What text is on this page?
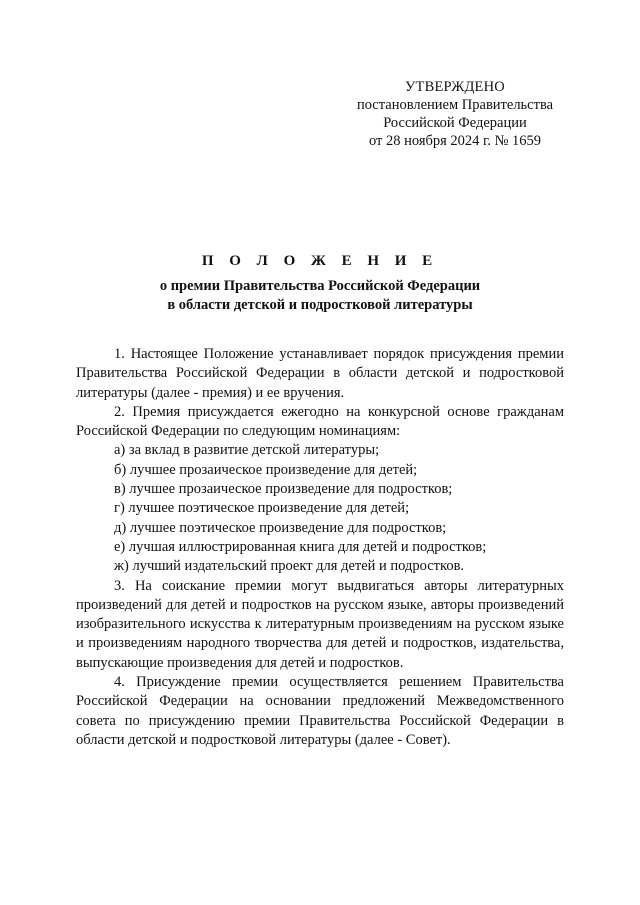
УТВЕРЖДЕНО
постановлением Правительства
Российской Федерации
от 28 ноября 2024 г. № 1659
П О Л О Ж Е Н И Е
о премии Правительства Российской Федерации
в области детской и подростковой литературы

1. Настоящее Положение устанавливает порядок присуждения премии Правительства Российской Федерации в области детской и подростковой литературы (далее - премия) и ее вручения.

2. Премия присуждается ежегодно на конкурсной основе гражданам Российской Федерации по следующим номинациям:

а) за вклад в развитие детской литературы;

б) лучшее прозаическое произведение для детей;

в) лучшее прозаическое произведение для подростков;

г) лучшее поэтическое произведение для детей;

д) лучшее поэтическое произведение для подростков;

е) лучшая иллюстрированная книга для детей и подростков;

ж) лучший издательский проект для детей и подростков.

3. На соискание премии могут выдвигаться авторы литературных произведений для детей и подростков на русском языке, авторы произведений изобразительного искусства к литературным произведениям на русском языке и произведениям народного творчества для детей и подростков, издательства, выпускающие произведения для детей и подростков.

4. Присуждение премии осуществляется решением Правительства Российской Федерации на основании предложений Межведомственного совета по присуждению премии Правительства Российской Федерации в области детской и подростковой литературы (далее - Совет).
